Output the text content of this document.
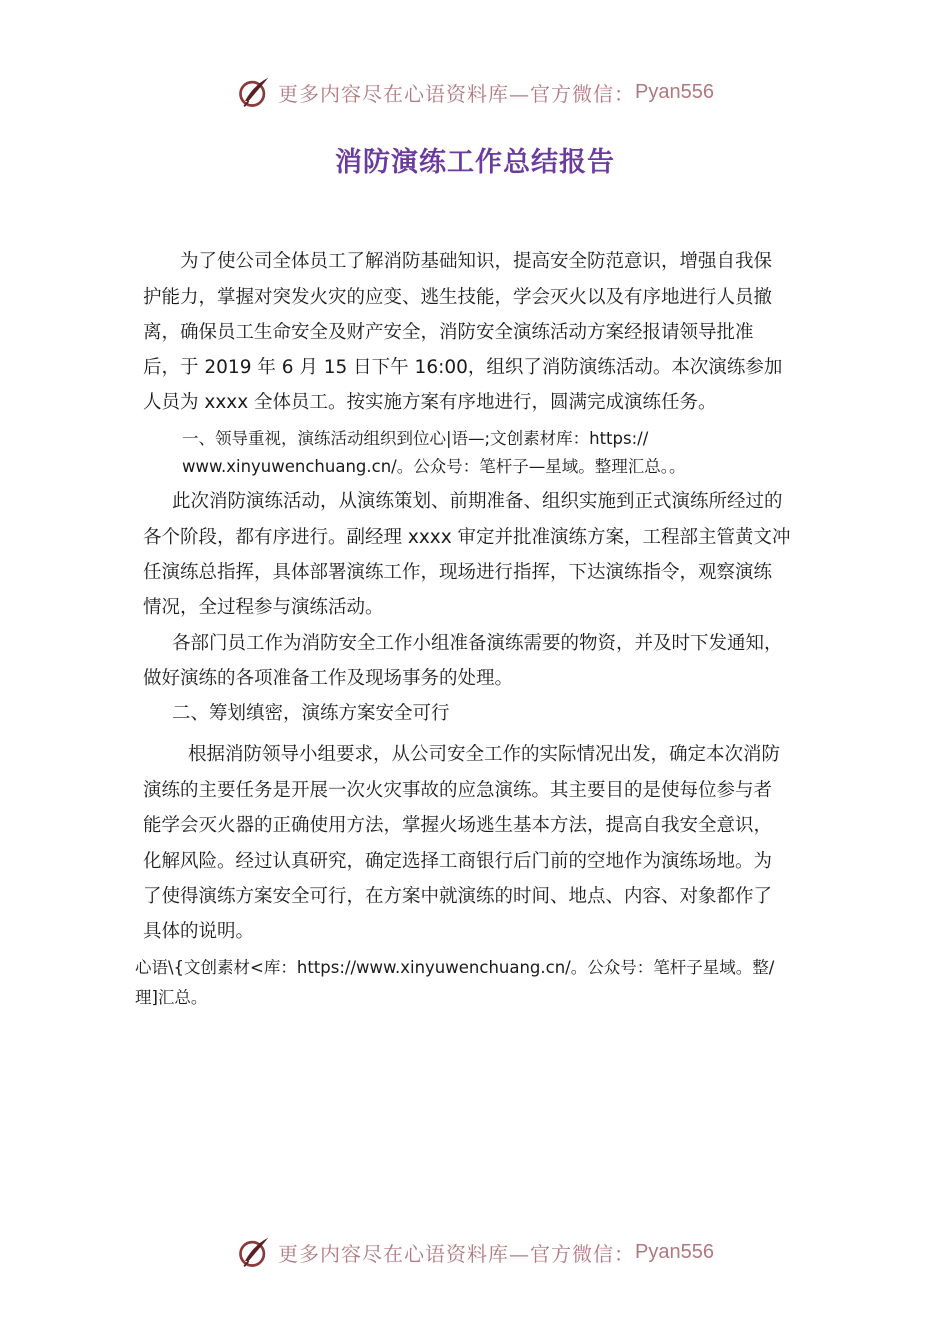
更多内容尽在心语资料库—官方微信： Pyan556
消防演练工作总结报告
为了使公司全体员工了解消防基础知识，提高安全防范意识，增强自我保
护能力，掌握对突发火灾的应变、逃生技能，学会灭火以及有序地进行人员撤
离，确保员工生命安全及财产安全，消防安全演练活动方案经报请领导批准
后，于 2019 年 6 月 15 日下午 16:00，组织了消防演练活动。本次演练参加
人员为 xxxx 全体员工。按实施方案有序地进行，圆满完成演练任务。
一、领导重视，演练活动组织到位心|语—;文创素材库：https://
www.xinyuwenchuang.cn/。公众号：笔杆子—星域。整理汇总。。
此次消防演练活动，从演练策划、前期准备、组织实施到正式演练所经过的
各个阶段，都有序进行。副经理 xxxx 审定并批准演练方案，工程部主管黄文冲
任演练总指挥，具体部署演练工作，现场进行指挥，下达演练指令，观察演练
情况，全过程参与演练活动。
各部门员工作为消防安全工作小组准备演练需要的物资，并及时下发通知，
做好演练的各项准备工作及现场事务的处理。
二、筹划缜密，演练方案安全可行
根据消防领导小组要求，从公司安全工作的实际情况出发，确定本次消防
演练的主要任务是开展一次火灾事故的应急演练。其主要目的是使每位参与者
能学会灭火器的正确使用方法，掌握火场逃生基本方法，提高自我安全意识，
化解风险。经过认真研究，确定选择工商银行后门前的空地作为演练场地。为
了使得演练方案安全可行，在方案中就演练的时间、地点、内容、对象都作了
具体的说明。
心语\{文创素材<库：https://www.xinyuwenchuang.cn/。公众号：笔杆子星域。整/
理]汇总。
更多内容尽在心语资料库—官方微信： Pyan556
